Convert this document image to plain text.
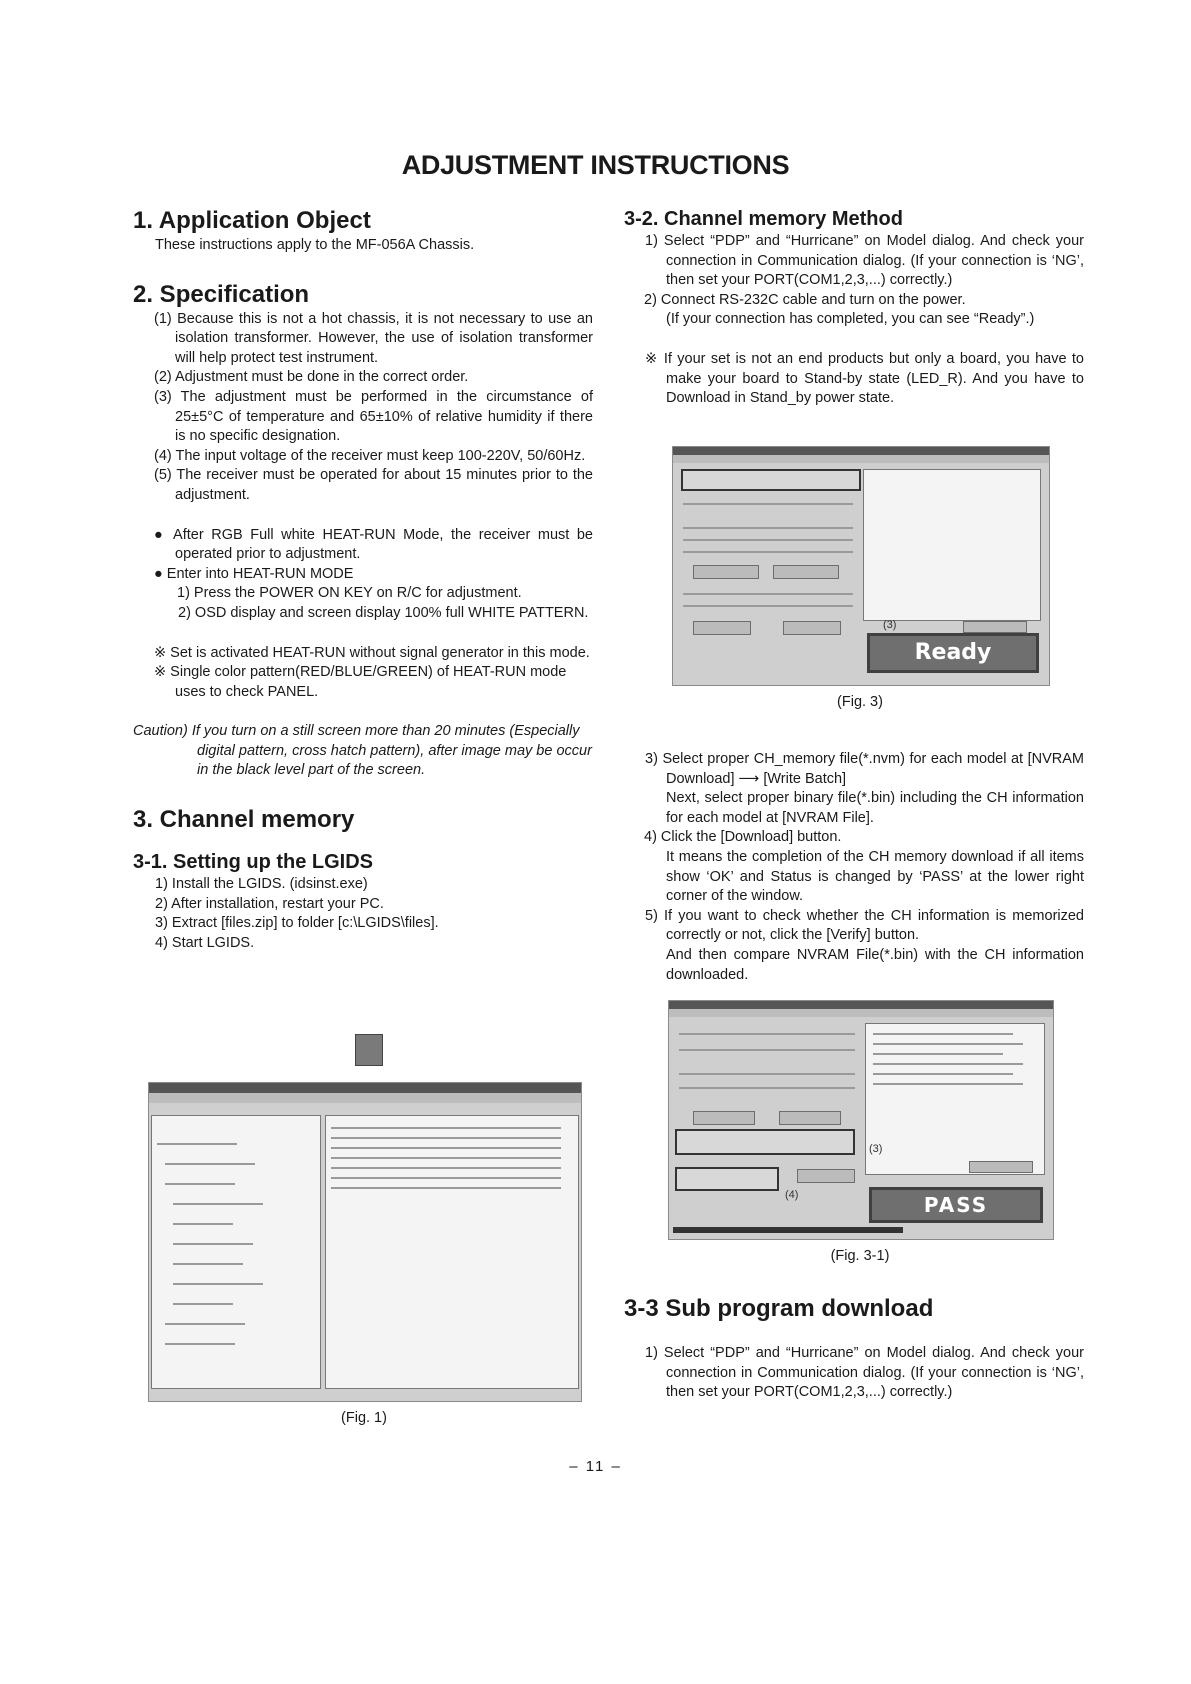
ADJUSTMENT INSTRUCTIONS
1. Application Object

These instructions apply to the MF-056A Chassis.

2. Specification

(1) Because this is not a hot chassis, it is not necessary to use an isolation transformer. However, the use of isolation transformer will help protect test instrument.

(2) Adjustment must be done in the correct order.

(3) The adjustment must be performed in the circumstance of 25±5°C of temperature and 65±10% of relative humidity if there is no specific designation.

(4) The input voltage of the receiver must keep 100-220V, 50/60Hz.

(5) The receiver must be operated for about 15 minutes prior to the adjustment.

● After RGB Full white HEAT-RUN Mode, the receiver must be operated prior to adjustment.

● Enter into HEAT-RUN MODE

1) Press the POWER ON KEY on R/C for adjustment.

2) OSD display and screen display 100% full WHITE PATTERN.

※ Set is activated HEAT-RUN without signal generator in this mode.

※ Single color pattern(RED/BLUE/GREEN) of HEAT-RUN mode uses to check PANEL.

Caution) If you turn on a still screen more than 20 minutes (Especially digital pattern, cross hatch pattern), after image may be occur in the black level part of the screen.

3. Channel memory
3-1. Setting up the LGIDS

1) Install the LGIDS. (idsinst.exe)

2) After installation, restart your PC.

3) Extract [files.zip] to folder [c:\LGIDS\files].

4) Start LGIDS.

(Fig. 1)
3-2. Channel memory Method

1) Select “PDP” and “Hurricane” on Model dialog. And check your connection in Communication dialog. (If your connection is ‘NG’, then set your PORT(COM1,2,3,...) correctly.)

2) Connect RS-232C cable and turn on the power.

(If your connection has completed, you can see “Ready”.)

※ If your set is not an end products but only a board, you have to make your board to Stand-by state (LED_R). And you have to Download in Stand_by power state.

(3)
Ready
(Fig. 3)

3) Select proper CH_memory file(*.nvm) for each model at [NVRAM Download] ⟶ [Write Batch]

Next, select proper binary file(*.bin) including the CH information for each model at [NVRAM File].

4) Click the [Download] button.

It means the completion of the CH memory download if all items show ‘OK’ and Status is changed by ‘PASS’ at the lower right corner of the window.

5) If you want to check whether the CH information is memorized correctly or not, click the [Verify] button.

And then compare NVRAM File(*.bin) with the CH information downloaded.

(3)
(4)	PASS
(Fig. 3-1)
3-3 Sub program download

1) Select “PDP” and “Hurricane” on Model dialog. And check your connection in Communication dialog. (If your connection is ‘NG’, then set your PORT(COM1,2,3,...) correctly.)

– 11 –
